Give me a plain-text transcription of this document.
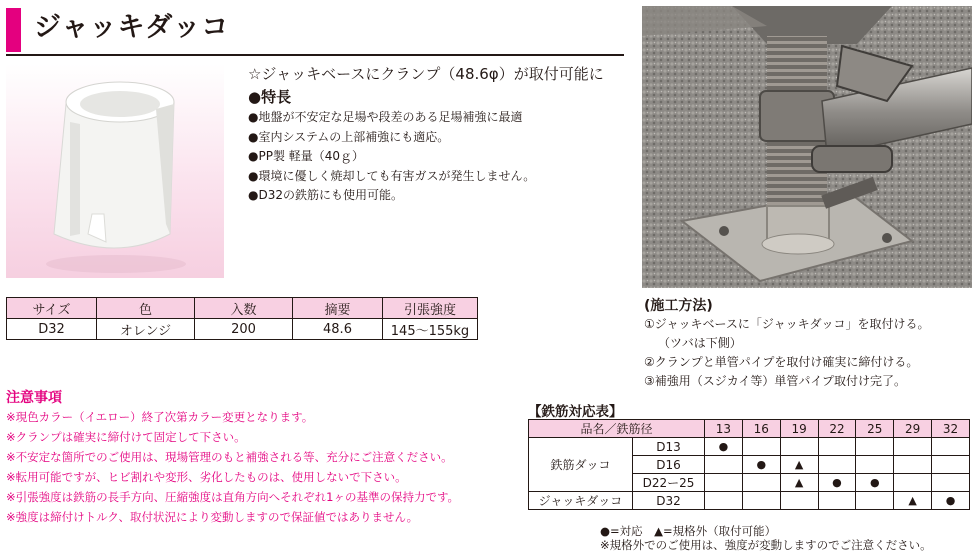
ジャッキダッコ
☆ジャッキベースにクランプ（48.6φ）が取付可能に
●特長
●地盤が不安定な足場や段差のある足場補強に最適
●室内システムの上部補強にも適応。
●PP製 軽量（40ｇ）
●環境に優しく焼却しても有害ガスが発生しません。
●D32の鉄筋にも使用可能。
サイズ	色	入数	摘要	引張強度
D32	オレンジ	200	48.6	145～155kg
注意事項
※現色カラー（イエロー）終了次第カラー変更となります。
※クランプは確実に締付けて固定して下さい。
※不安定な箇所でのご使用は、現場管理のもと補強される等、充分にご注意ください。
※転用可能ですが、ヒビ割れや変形、劣化したものは、使用しないで下さい。
※引張強度は鉄筋の長手方向、圧縮強度は直角方向へそれぞれ1ヶの基準の保持力です。
※強度は締付けトルク、取付状況により変動しますので保証値ではありません。
(施工方法)
①ジャッキベースに「ジャッキダッコ」を取付ける。
（ツバは下側）
②クランプと単管パイプを取付け確実に締付ける。
③補強用（スジカイ等）単管パイプ取付け完了。
【鉄筋対応表】
品名／鉄筋径		13	16	19	22	25	29	32
鉄筋ダッコ	D13	●						
	D16		●	▲				
	D22ー25			▲	●	●		
ジャッキダッコ	D32						▲	●
●=対応　▲=規格外（取付可能）
※規格外でのご使用は、強度が変動しますのでご注意ください。
